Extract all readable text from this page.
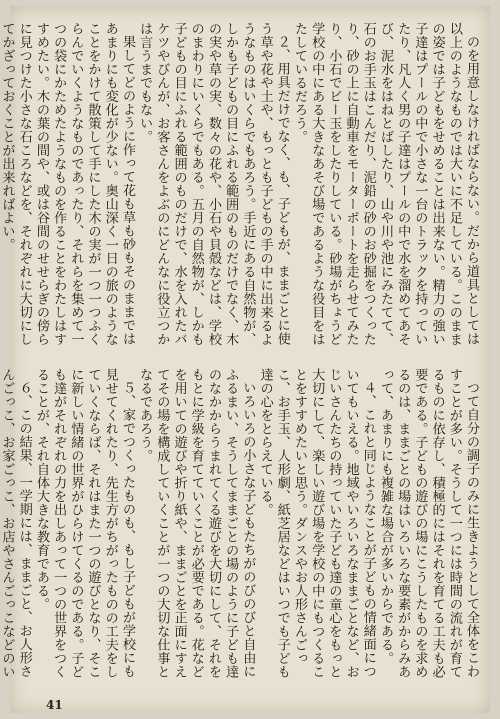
のを用意しなければならない。だから道具としては以上のようなものでは大いに不足している。このままの姿では子どもをせめることは出来ない。精力の強い子達はプールの中で小さな一台のトラックを持っていたり、凡人く男の子達はプールの中で水を溜めてあそび、泥水をはねとばしたり、山や川や池にみたてて、石のお手玉はこんだり、泥鉛の砂のお砂掘をつくったり、砂の上に自動車をモーターボートを走らせてみたり、小石でビー玉をしたりしている。砂場がちょうど学校の中にある大きなあそび場であるような役目をはたしているだろう。

２、用具だけでなく、も、子どもが、ままごとに使う草や花や土や、もっとも子どもの手の中に出来るようなものはいくらでもあろう。手近にある自然物が、しかも子どもの目にふれる範囲のものだけでなく、木の実や草の実、数々の花や、小石や貝殻などは、学校のまわりにいくらでもある。五月の自然物が、しかも子どもの目にふれる範囲のものだけで、水を入れたバケツやびんが、お客さんをよぶのにどんなに役立つかは言うまでもない。

果してどのように作って花も草も砂もそのままではあまりにも変化が少ない。奥山深く一日の旅のようなことをかけて散策して手にした木の実が一つ一つふくらんでいくようなものであったり、それらを集めて一つの袋にかためたようなものを作ることをわたしはすすめたい。木の葉の間や、或は谷間のせせらぎの傍らに見つけた小さな石ころなどを、それぞれに大切にしてかざっておくことが出来ればよい。

つて自分の調子のみに生きようとして全体をこわすことが多い。そうして一つには時間の流れが育てるものに依存し、積極的にはそれを育てる工夫も必要である。子どもの遊びの場にこうしたものを求めるのは、ままごとの場はいろいろな要素がからみあって、あまりにも複雑な場合が多いからである。

４、これと同じようなことが子どもの情緒面についてもいえる。地域やいろいろなままごとなど、おじいさんたちの持っていた子ども達の童心をもっと大切にして、楽しい遊び場を学校の中にもつくることをすすめたいと思う。ダンスやお人形さんごっこ、お手玉、人形劇、紙芝居などはいつでも子ども達の心をとらえている。

いろいろの小さな子どもたちがのびのびと自由にふるまい、そうしてままごとの場のように子ども達のなかからうまれてくる遊びを大切にして、それをもとに学級を育てていくことが必要である。花などを用いての遊びや折り紙や、ままごとを正面にすえてその場を構成していくことが一つの大切な仕事となるであろう。

５、家でつくったものも、もし子どもが学校にも見せてくれたり、先生方がちがったものの工夫をしていくならば、それはまた一つの遊びとなり、そこに新しい情緒の世界がひらけてくるのである。子ども達がそれぞれの力を出しあって一つの世界をつくることが、それ自体大きな教育である。

６、この結果、一学期には、ままごと、お人形さんごっこ、お家ごっこ、お店やさんごっこなどのい

41
